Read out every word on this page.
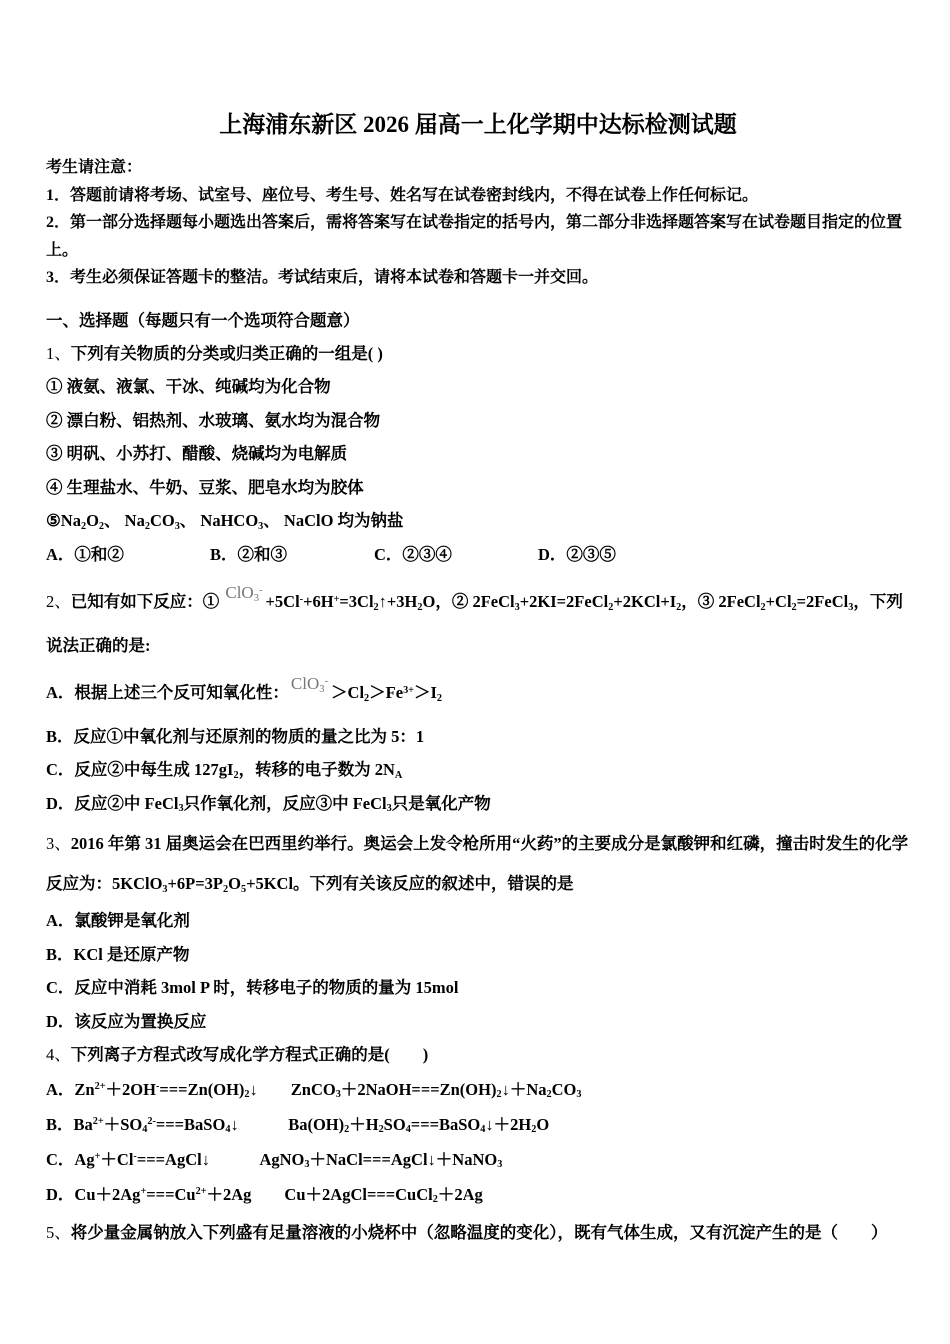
上海浦东新区 2026 届高一上化学期中达标检测试题

考生请注意：

1．答题前请将考场、试室号、座位号、考生号、姓名写在试卷密封线内，不得在试卷上作任何标记。

2．第一部分选择题每小题选出答案后，需将答案写在试卷指定的括号内，第二部分非选择题答案写在试卷题目指定的位置上。

3．考生必须保证答题卡的整洁。考试结束后，请将本试卷和答题卡一并交回。

一、选择题（每题只有一个选项符合题意）

1、下列有关物质的分类或归类正确的一组是( )

① 液氨、液氯、干冰、纯碱均为化合物

② 漂白粉、铝热剂、水玻璃、氨水均为混合物

③ 明矾、小苏打、醋酸、烧碱均为电解质

④ 生理盐水、牛奶、豆浆、肥皂水均为胶体

$⑤Na_2O_2$、 $Na_2CO_3$、 NaHCO$_3$、 NaClO 均为钠盐

A．①和②	B．②和③	C．②③④	D．②③⑤

2、已知有如下反应：① $ClO_3^-+5Cl^-+6H^+=3Cl_2↑+3H_2O$，② $2FeCl_3+2KI=2FeCl_2+2KCl+I_2$，③ $2FeCl_2+Cl_2=2FeCl_3$，下列

说法正确的是:

A．根据上述三个反可知氧化性： $ClO_3^->Cl_2>Fe^{3+}>I_2$

B．反应①中氧化剂与还原剂的物质的量之比为 5：1

C．反应②中每生成 $127gI_2$，转移的电子数为 $2N_A$

D．反应②中 FeCl$_3$只作氧化剂，反应③中 FeCl$_3$只是氧化产物

3、2016 年第 31 届奥运会在巴西里约举行。奥运会上发令枪所用“火药”的主要成分是氯酸钾和红磷，撞击时发生的化学反应为：$5KClO_3+6P=3P_2O_5+5KCl$。下列有关该反应的叙述中，错误的是

A．氯酸钾是氧化剂

B．KCl 是还原产物

C．反应中消耗 3mol P 时，转移电子的物质的量为 15mol

D．该反应为置换反应

4、下列离子方程式改写成化学方程式正确的是(　　)

A．$Zn^{2+}+2OH^-===Zn(OH)_2↓$　　$ZnCO_3+2NaOH===Zn(OH)_2↓+Na_2CO_3$

B．$Ba^{2+}+SO_4^{2-}===BaSO_4↓$　　　$Ba(OH)_2+H_2SO_4===BaSO_4↓+2H_2O$

C．Ag+＋Cl-===AgCl↓　　　AgNO$_3$＋NaCl===AgCl↓＋NaNO$_3$

D．$Cu+2Ag^+===Cu^{2+}+2Ag$　　Cu＋2AgCl===CuCl$_2$＋2Ag

5、将少量金属钠放入下列盛有足量溶液的小烧杯中（忽略温度的变化），既有气体生成，又有沉淀产生的是（　　）
